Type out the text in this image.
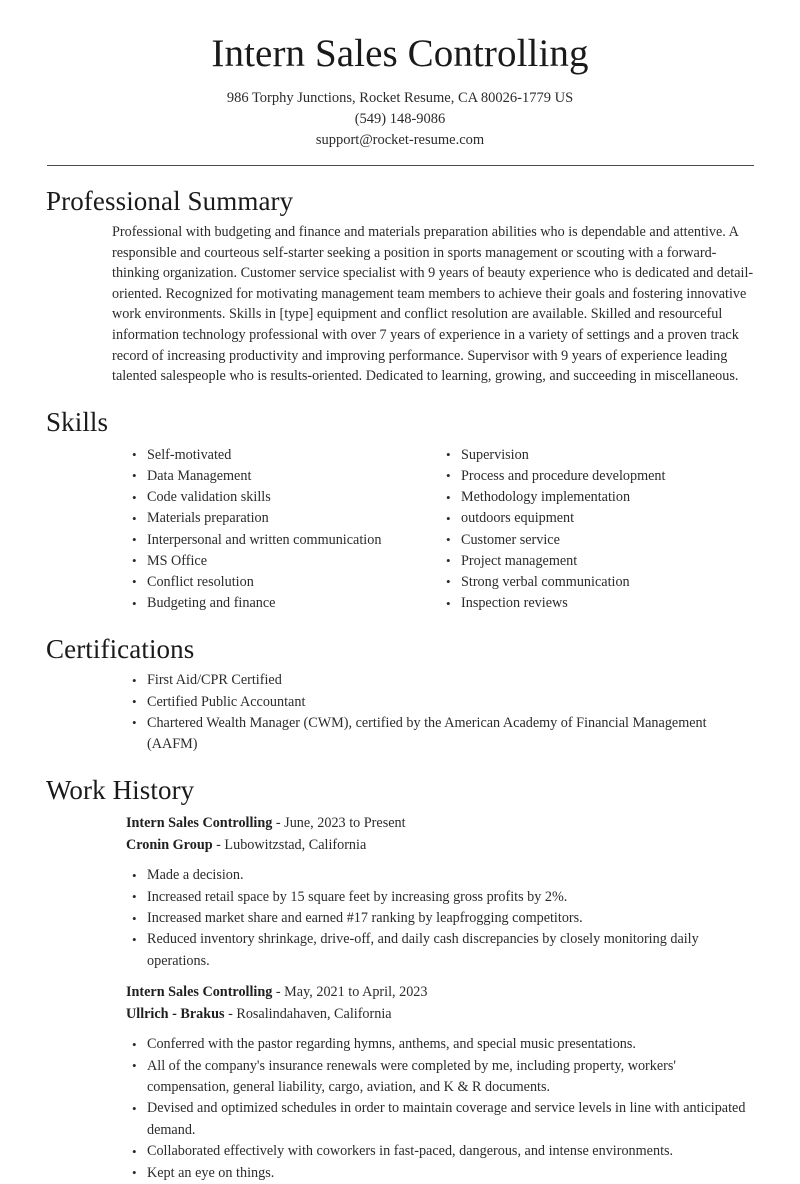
Intern Sales Controlling

986 Torphy Junctions, Rocket Resume, CA 80026-1779 US

(549) 148-9086

support@rocket-resume.com

Professional Summary

Professional with budgeting and finance and materials preparation abilities who is dependable and attentive. A responsible and courteous self-starter seeking a position in sports management or scouting with a forward-thinking organization. Customer service specialist with 9 years of beauty experience who is dedicated and detail-oriented. Recognized for motivating management team members to achieve their goals and fostering innovative work environments. Skills in [type] equipment and conflict resolution are available. Skilled and resourceful information technology professional with over 7 years of experience in a variety of settings and a proven track record of increasing productivity and improving performance. Supervisor with 9 years of experience leading talented salespeople who is results-oriented. Dedicated to learning, growing, and succeeding in miscellaneous.

Skills
• Self-motivated
• Data Management
• Code validation skills
• Materials preparation
• Interpersonal and written communication
• MS Office
• Conflict resolution
• Budgeting and finance
• Supervision
• Process and procedure development
• Methodology implementation
• outdoors equipment
• Customer service
• Project management
• Strong verbal communication
• Inspection reviews
Certifications
• First Aid/CPR Certified
• Certified Public Accountant
• Chartered Wealth Manager (CWM), certified by the American Academy of Financial Management (AAFM)
Work History

Intern Sales Controlling - June, 2023 to Present

Cronin Group - Lubowitzstad, California

• Made a decision.
• Increased retail space by 15 square feet by increasing gross profits by 2%.
• Increased market share and earned #17 ranking by leapfrogging competitors.
• Reduced inventory shrinkage, drive-off, and daily cash discrepancies by closely monitoring daily operations.

Intern Sales Controlling - May, 2021 to April, 2023

Ullrich - Brakus - Rosalindahaven, California

• Conferred with the pastor regarding hymns, anthems, and special music presentations.
• All of the company's insurance renewals were completed by me, including property, workers' compensation, general liability, cargo, aviation, and K & R documents.
• Devised and optimized schedules in order to maintain coverage and service levels in line with anticipated demand.
• Collaborated effectively with coworkers in fast-paced, dangerous, and intense environments.
• Kept an eye on things.
